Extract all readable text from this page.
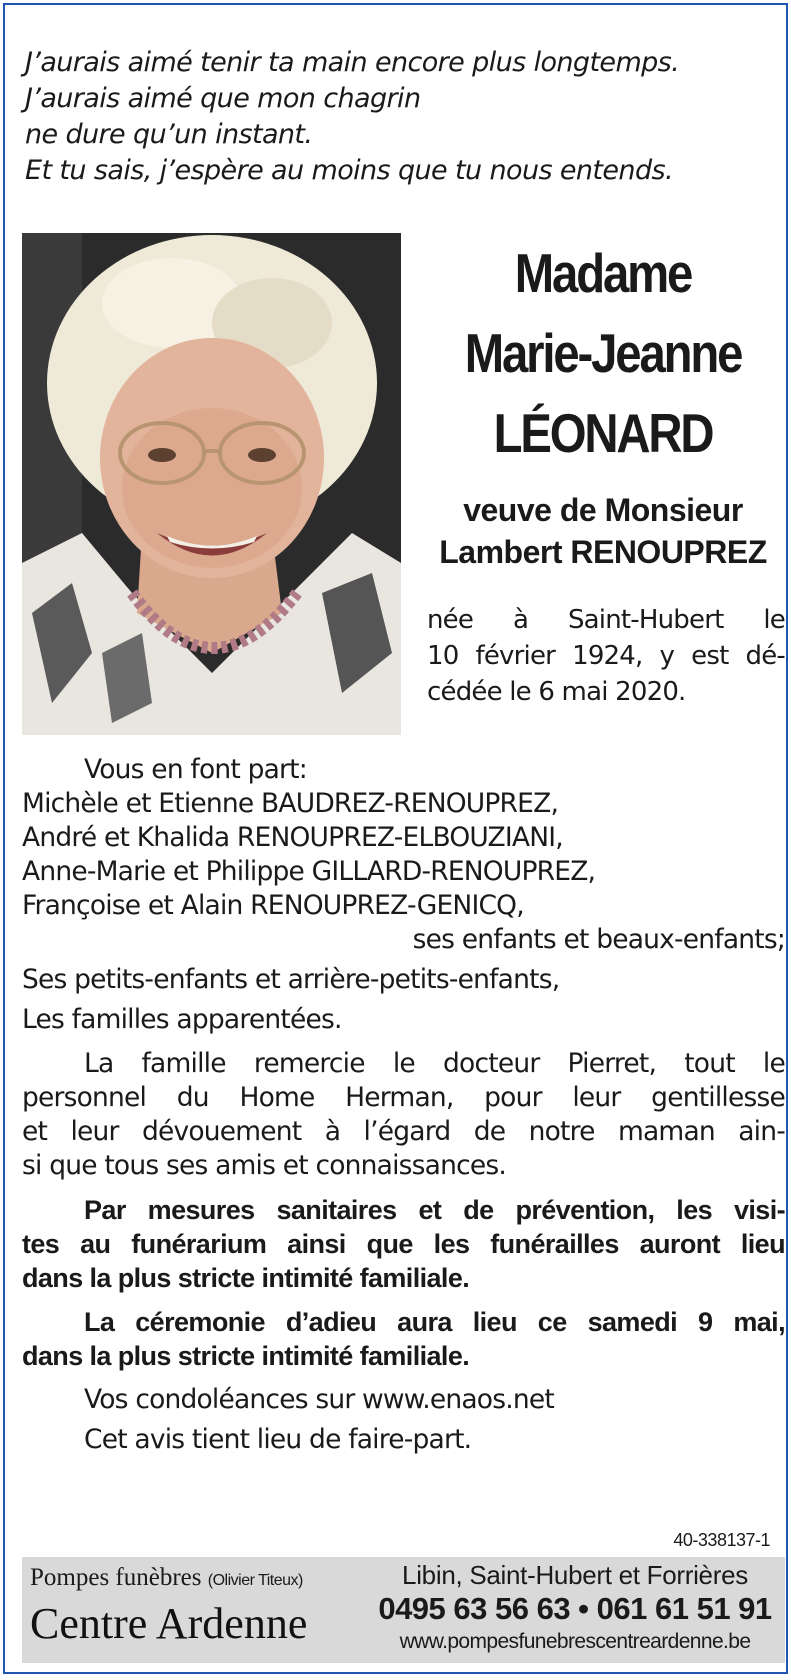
J’aurais aimé tenir ta main encore plus longtemps.
J’aurais aimé que mon chagrin
ne dure qu’un instant.
Et tu sais, j’espère au moins que tu nous entends.
Madame
Marie-Jeanne
LÉONARD
veuve de Monsieur
Lambert RENOUPREZ
née à Saint-Hubert le
10 février 1924, y est dé-
cédée le 6 mai 2020.
Vous en font part:
Michèle et Etienne BAUDREZ-RENOUPREZ,
André et Khalida RENOUPREZ-ELBOUZIANI,
Anne-Marie et Philippe GILLARD-RENOUPREZ,
Françoise et Alain RENOUPREZ-GENICQ,
ses enfants et beaux-enfants;
Ses petits-enfants et arrière-petits-enfants,
Les familles apparentées.
La famille remercie le docteur Pierret, tout le
personnel du Home Herman, pour leur gentillesse
et leur dévouement à l’égard de notre maman ain-
si que tous ses amis et connaissances.
Par mesures sanitaires et de prévention, les visi-
tes au funérarium ainsi que les funérailles auront lieu
dans la plus stricte intimité familiale.
La céremonie d’adieu aura lieu ce samedi 9 mai,
dans la plus stricte intimité familiale.
Vos condoléances sur www.enaos.net
Cet avis tient lieu de faire-part.
40-338137-1
Pompes funèbres (Olivier Titeux)
Centre Ardenne
Libin, Saint-Hubert et Forrières
0495 63 56 63 • 061 61 51 91
www.pompesfunebrescentreardenne.be
